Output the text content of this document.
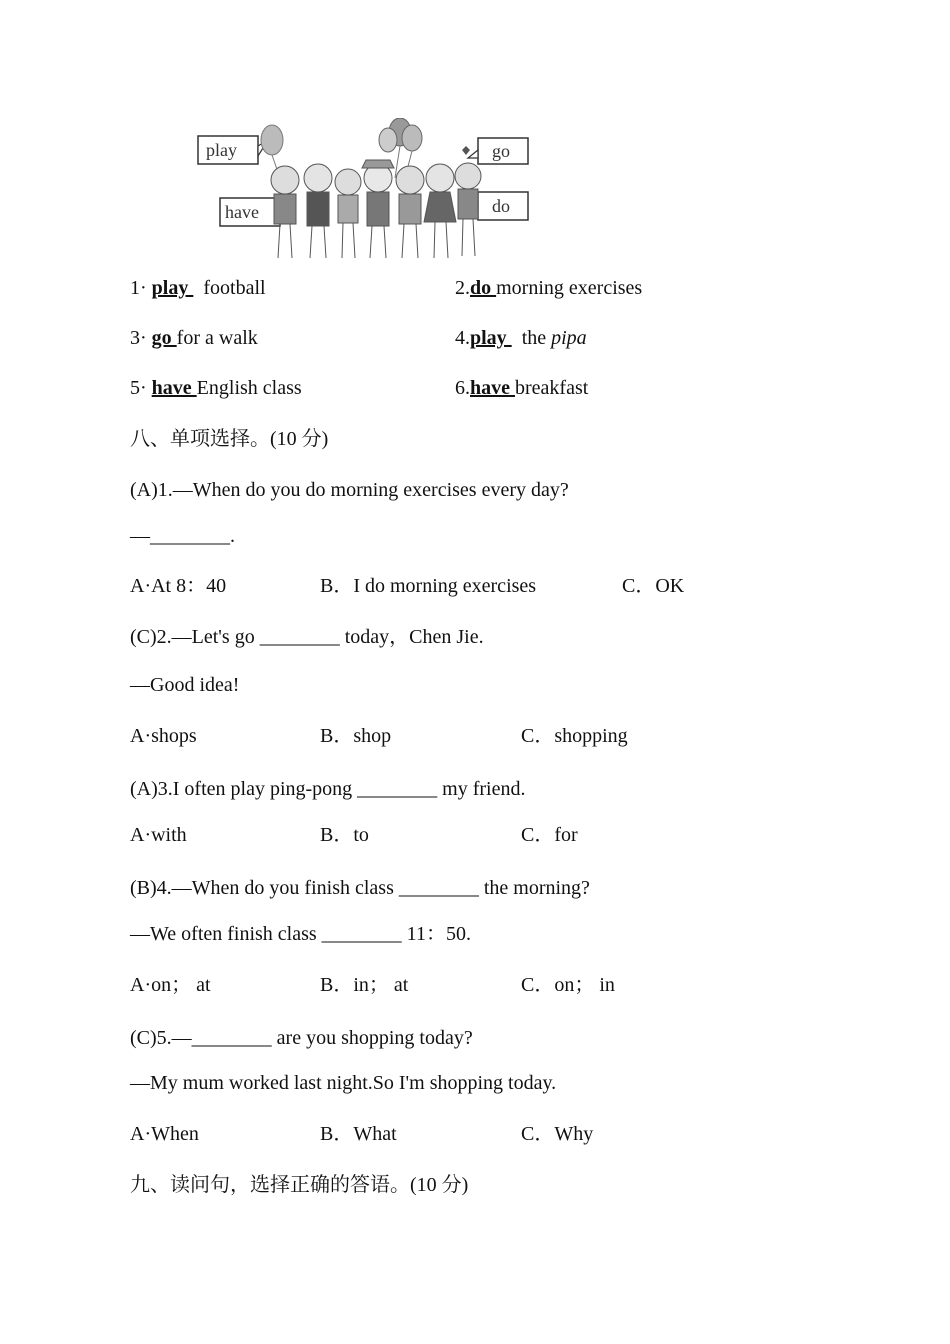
play	go
have	do
1· play   football	2.do morning exercises
3· go for a walk	4.play   the pipa
5· have English class	6.have breakfast
八、单项选择。(10 分)
(A)1.—When do you do morning exercises every day?
—________.
A·At 8：40	B．I do morning exercises	C．OK
(C)2.—Let's go ________ today，Chen Jie.
—Good idea!
A·shops	B．shop	C．shopping
(A)3.I often play ping-pong ________ my friend.
A·with	B．to	C．for
(B)4.—When do you finish class ________ the morning?
—We often finish class ________ 11：50.
A·on； at	B．in； at	C．on； in
(C)5.—________ are you shopping today?
—My mum worked last night.So I'm shopping today.
A·When	B．What	C．Why
九、读问句，选择正确的答语。(10 分)
